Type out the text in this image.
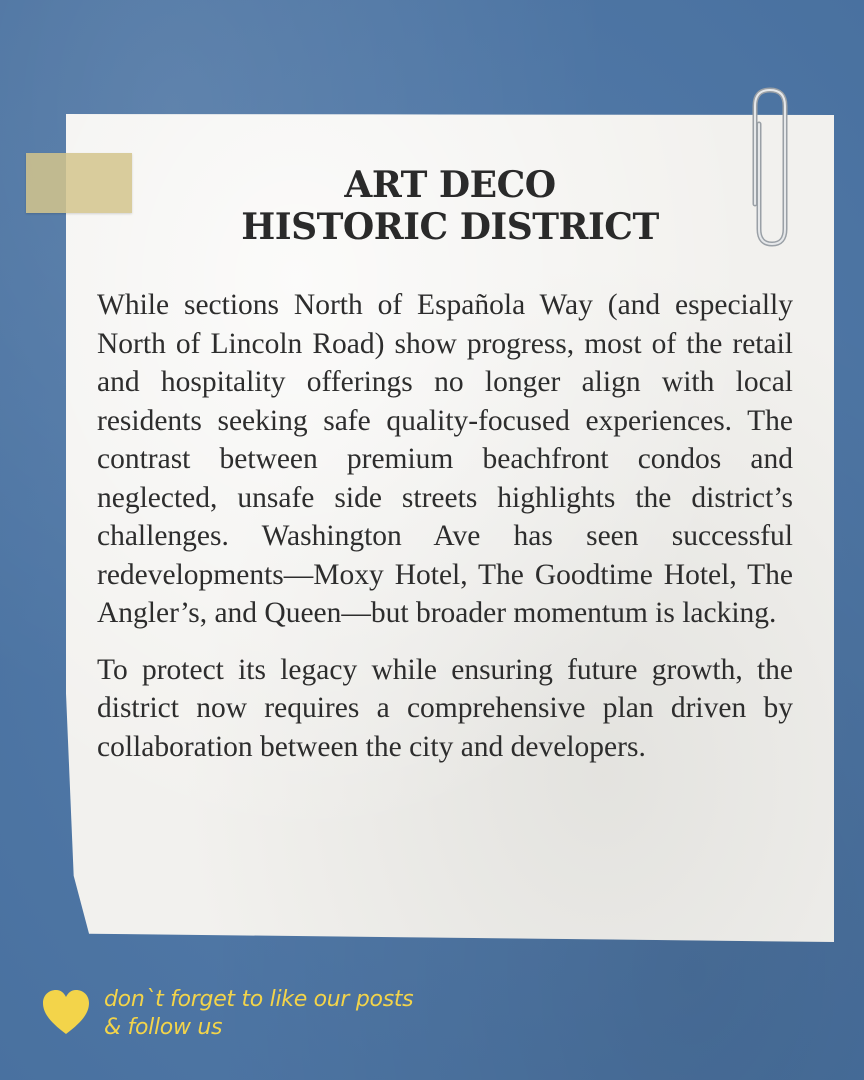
ART DECO
HISTORIC DISTRICT

While sections North of Española Way (and especially North of Lincoln Road) show progress, most of the retail and hospitality offerings no longer align with local residents seeking safe quality-focused experiences. The contrast between premium beachfront condos and neglected, unsafe side streets highlights the district’s challenges. Washington Ave has seen successful redevelopments—Moxy Hotel, The Goodtime Hotel, The Angler’s, and Queen—but broader momentum is lacking.

To protect its legacy while ensuring future growth, the district now requires a comprehensive plan driven by collaboration between the city and developers.

don`t forget to like our posts
& follow us
